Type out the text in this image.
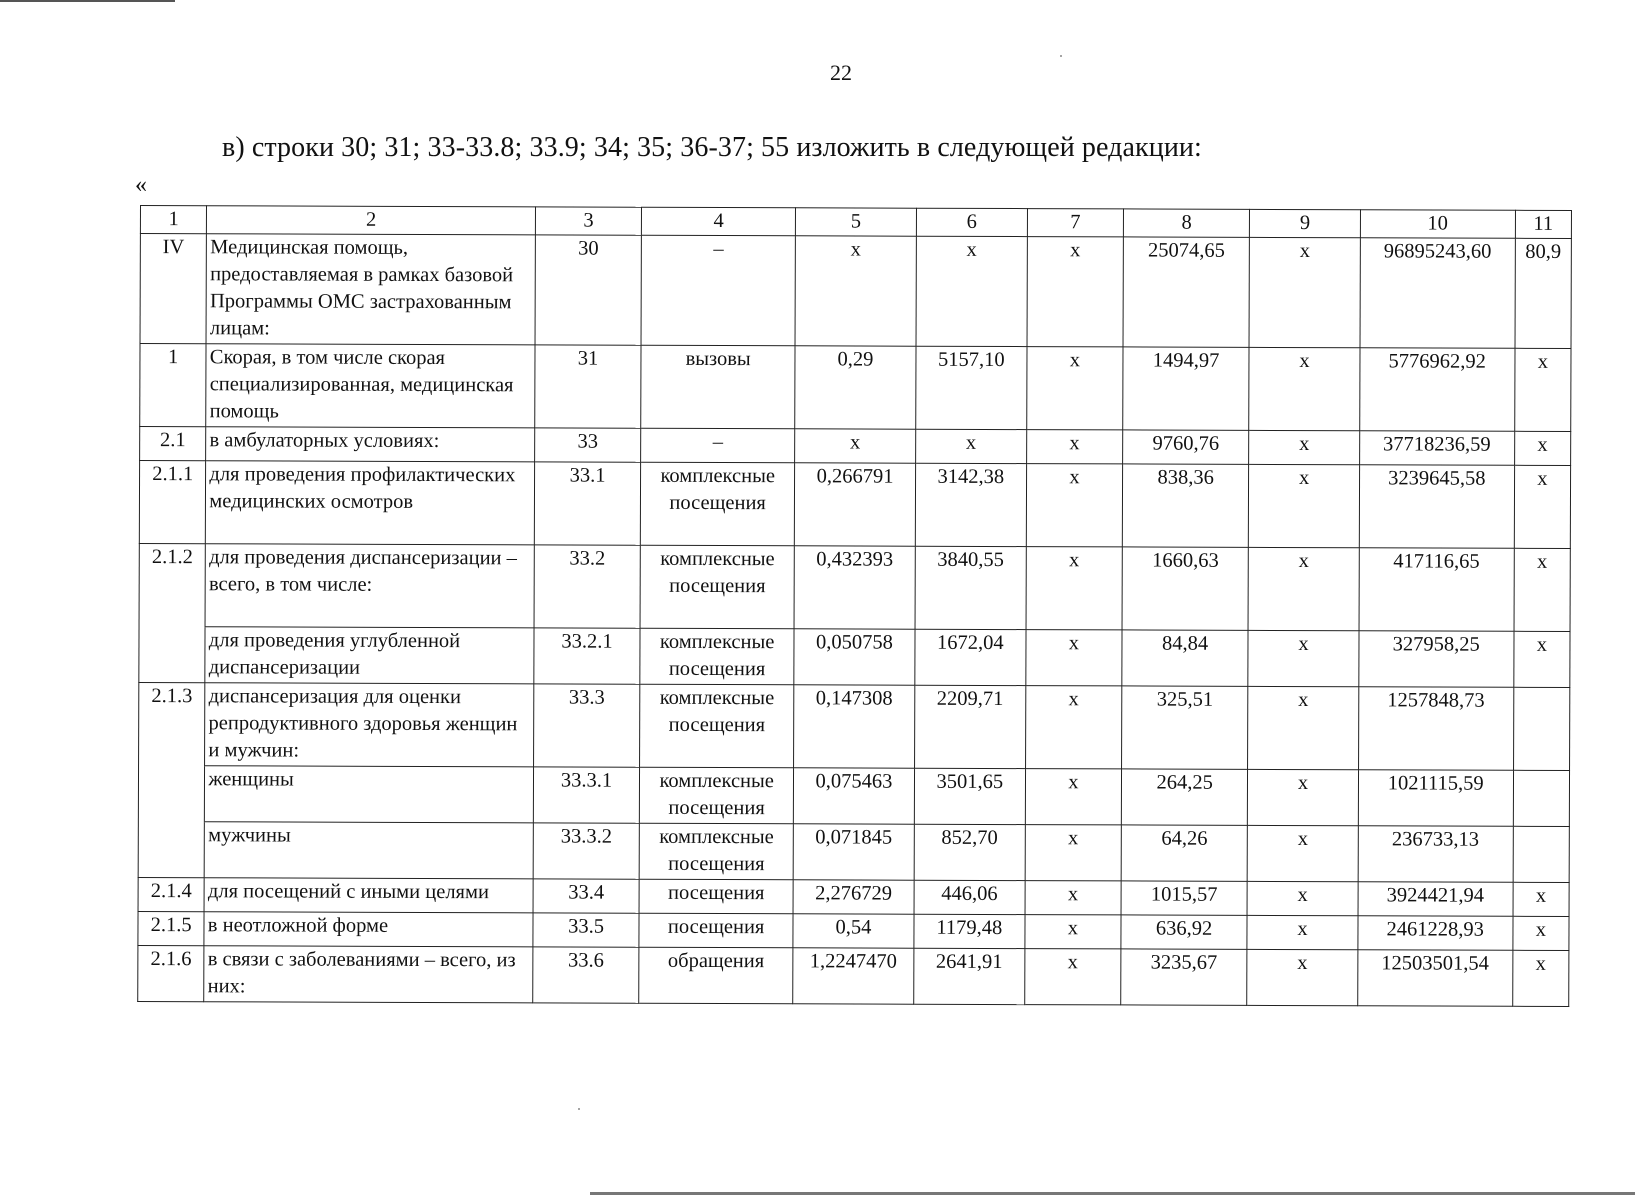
22
в) строки 30; 31; 33-33.8; 33.9; 34; 35; 36-37; 55 изложить в следующей редакции:
«
1	2	3	4	5	6	7	8	9	10	11
IV	Медицинская помощь, предоставляемая в рамках базовой Программы ОМС застрахованным лицам:	30	–	х	х	х	25074,65	х	96895243,60	80,9
1	Скорая, в том числе скорая специализированная, медицинская помощь	31	вызовы	0,29	5157,10	х	1494,97	х	5776962,92	х
2.1	в амбулаторных условиях:	33	–	х	х	х	9760,76	х	37718236,59	х
2.1.1	для проведения профилактических медицинских осмотров	33.1	комплексные посещения	0,266791	3142,38	х	838,36	х	3239645,58	х
2.1.2	для проведения диспансеризации – всего, в том числе:	33.2	комплексные посещения	0,432393	3840,55	х	1660,63	х	417116,65	х
	для проведения углубленной диспансеризации	33.2.1	комплексные посещения	0,050758	1672,04	х	84,84	х	327958,25	х
2.1.3	диспансеризация для оценки репродуктивного здоровья женщин и мужчин:	33.3	комплексные посещения	0,147308	2209,71	х	325,51	х	1257848,73	
	женщины	33.3.1	комплексные посещения	0,075463	3501,65	х	264,25	х	1021115,59	
	мужчины	33.3.2	комплексные посещения	0,071845	852,70	х	64,26	х	236733,13	
2.1.4	для посещений с иными целями	33.4	посещения	2,276729	446,06	х	1015,57	х	3924421,94	х
2.1.5	в неотложной форме	33.5	посещения	0,54	1179,48	х	636,92	х	2461228,93	х
2.1.6	в связи с заболеваниями – всего, из них:	33.6	обращения	1,2247470	2641,91	х	3235,67	х	12503501,54	х
